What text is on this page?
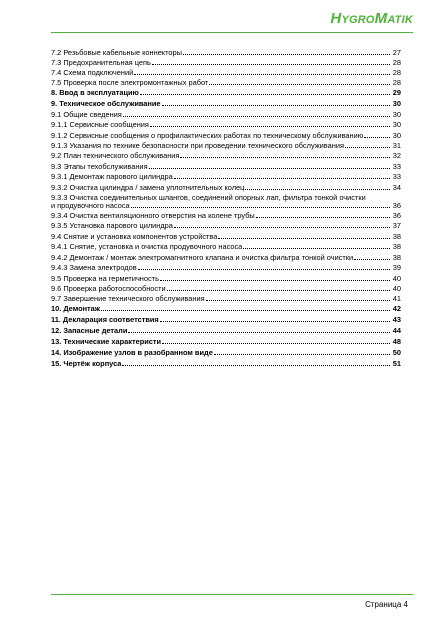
HYGROMATIK
7.2 Резьбовые кабельные коннекторы	27
7.3 Предохранительная цепь	28
7.4 Схема подключений	28
7.5 Проверка после электромонтажных работ	28
8. Ввод в эксплуатацию	29
9. Техническое обслуживание	30
9.1 Общие сведения	30
9.1.1 Сервисные сообщения	30
9.1.2 Сервисные сообщения о профилактических работах по техническому обслуживанию	30
9.1.3 Указания по технике безопасности при проведении технического обслуживания	31
9.2 План технического обслуживания	32
9.3 Этапы техобслуживания	33
9.3.1 Демонтаж парового цилиндра	33
9.3.2 Очистка цилиндра / замена уплотнительных колец	34
9.3.3 Очистка соединительных шлангов, соединений опорных лап, фильтра тонкой очистки
и продувочного насоса	36
9.3.4 Очистка вентиляционного отверстия на колене трубы	36
9.3.5 Установка парового цилиндра	37
9.4 Снятие и установка компонентов устройства	38
9.4.1 Снятие, установка и очистка продувочного насоса	38
9.4.2 Демонтаж / монтаж электромагнитного клапана и очистка фильтра тонкой очистки	38
9.4.3 Замена электродов	39
9.5 Проверка на герметичность	40
9.6 Проверка работоспособности	40
9.7 Завершение технического обслуживания	41
10. Демонтаж	42
11. Декларация соответствия	43
12. Запасные детали	44
13. Технические характеристи	48
14. Изображение узлов в разобранном виде	50
15. Чертёж корпуса	51
Страница 4
